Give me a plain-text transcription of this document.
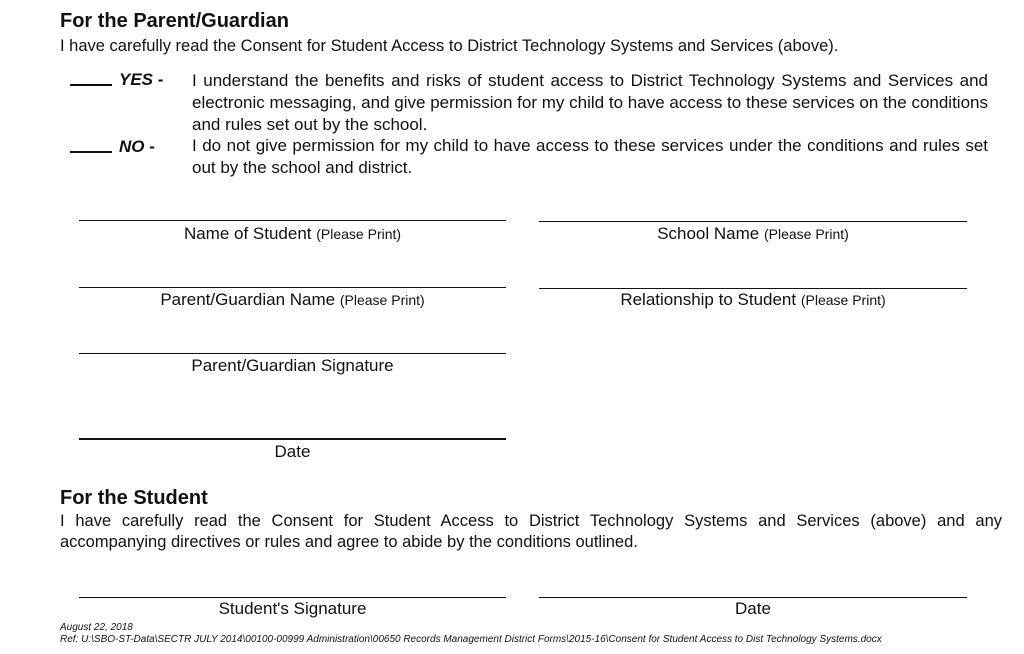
For the Parent/Guardian
I have carefully read the Consent for Student Access to District Technology Systems and Services (above).
YES - I understand the benefits and risks of student access to District Technology Systems and Services and electronic messaging, and give permission for my child to have access to these services on the conditions and rules set out by the school.
NO - I do not give permission for my child to have access to these services under the conditions and rules set out by the school and district.
Name of Student (Please Print)	School Name (Please Print)
Parent/Guardian Name (Please Print)	Relationship to Student (Please Print)
Parent/Guardian Signature
Date
For the Student
I have carefully read the Consent for Student Access to District Technology Systems and Services (above) and any accompanying directives or rules and agree to abide by the conditions outlined.
Student's Signature	Date
August 22, 2018
Ref: U:\SBO-ST-Data\SECTR JULY 2014\00100-00999 Administration\00650 Records Management District Forms\2015-16\Consent for Student Access to Dist Technology Systems.docx
